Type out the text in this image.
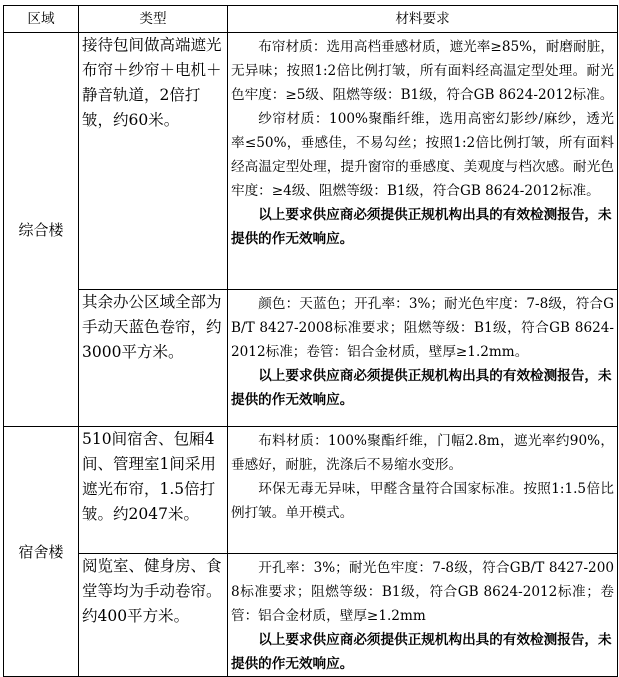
区域	类型	材料要求
综合楼	接待包间做高端遮光布帘＋纱帘＋电机＋静音轨道，2倍打皱，约60米。	布帘材质：选用高档垂感材质，遮光率≥85%，耐磨耐脏，无异味；按照1:2倍比例打皱，所有面料经高温定型处理。耐光色牢度：≥5级、阻燃等级：B1级，符合GB 8624-2012标准。

纱帘材质：100%聚酯纤维，选用高密幻影纱/麻纱，透光率≤50%，垂感佳，不易勾丝；按照1:2倍比例打皱，所有面料经高温定型处理，提升窗帘的垂感度、美观度与档次感。耐光色牢度：≥4级、阻燃等级：B1级，符合GB 8624-2012标准。

以上要求供应商必须提供正规机构出具的有效检测报告，未提供的作无效响应。

	其余办公区域全部为手动天蓝色卷帘，约3000平方米。	颜色：天蓝色；开孔率：3%；耐光色牢度：7-8级，符合GB/T 8427-2008标准要求；阻燃等级：B1级，符合GB 8624-2012标准；卷管：铝合金材质，壁厚≥1.2mm。

以上要求供应商必须提供正规机构出具的有效检测报告，未提供的作无效响应。

宿舍楼	510间宿舍、包厢4间、管理室1间采用遮光布帘，1.5倍打皱。约2047米。	布料材质：100%聚酯纤维，门幅2.8m，遮光率约90%，垂感好，耐脏，洗涤后不易缩水变形。

环保无毒无异味，甲醛含量符合国家标准。按照1:1.5倍比例打皱。单开模式。

	阅览室、健身房、食堂等均为手动卷帘。约400平方米。	开孔率：3%；耐光色牢度：7-8级，符合GB/T 8427-2008标准要求；阻燃等级：B1级，符合GB 8624-2012标准；卷管：铝合金材质，壁厚≥1.2mm

以上要求供应商必须提供正规机构出具的有效检测报告，未提供的作无效响应。
